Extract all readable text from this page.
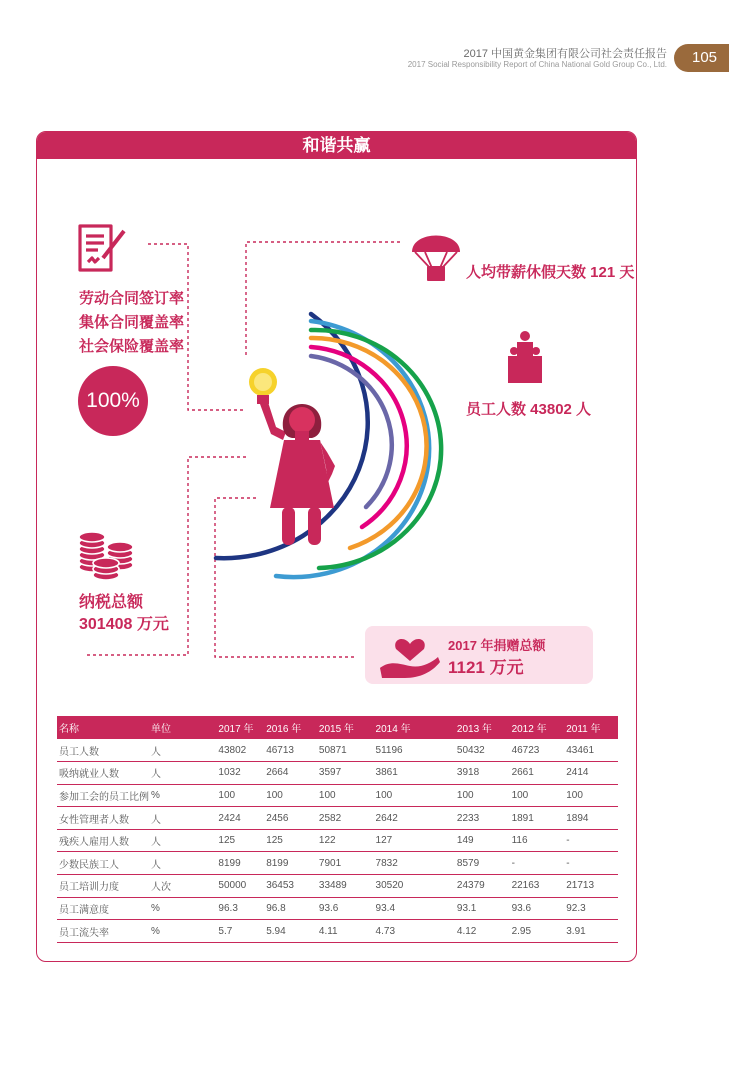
2017 中国黄金集团有限公司社会责任报告
2017 Social Responsibility Report of China National Gold Group Co., Ltd.	105
和谐共赢
劳动合同签订率
集体合同覆盖率
社会保险覆盖率
100%
人均带薪休假天数 121 天
员工人数 43802 人
纳税总额
301408 万元
2017 年捐赠总额
1121 万元
名称	单位	2017 年	2016 年	2015 年	2014 年	2013 年	2012 年	2011 年
员工人数	人	43802	46713	50871	51196	50432	46723	43461
吸纳就业人数	人	1032	2664	3597	3861	3918	2661	2414
参加工会的员工比例	%	100	100	100	100	100	100	100
女性管理者人数	人	2424	2456	2582	2642	2233	1891	1894
残疾人雇用人数	人	125	125	122	127	149	116	-
少数民族工人	人	8199	8199	7901	7832	8579	-	-
员工培训力度	人次	50000	36453	33489	30520	24379	22163	21713
员工满意度	%	96.3	96.8	93.6	93.4	93.1	93.6	92.3
员工流失率	%	5.7	5.94	4.11	4.73	4.12	2.95	3.91
